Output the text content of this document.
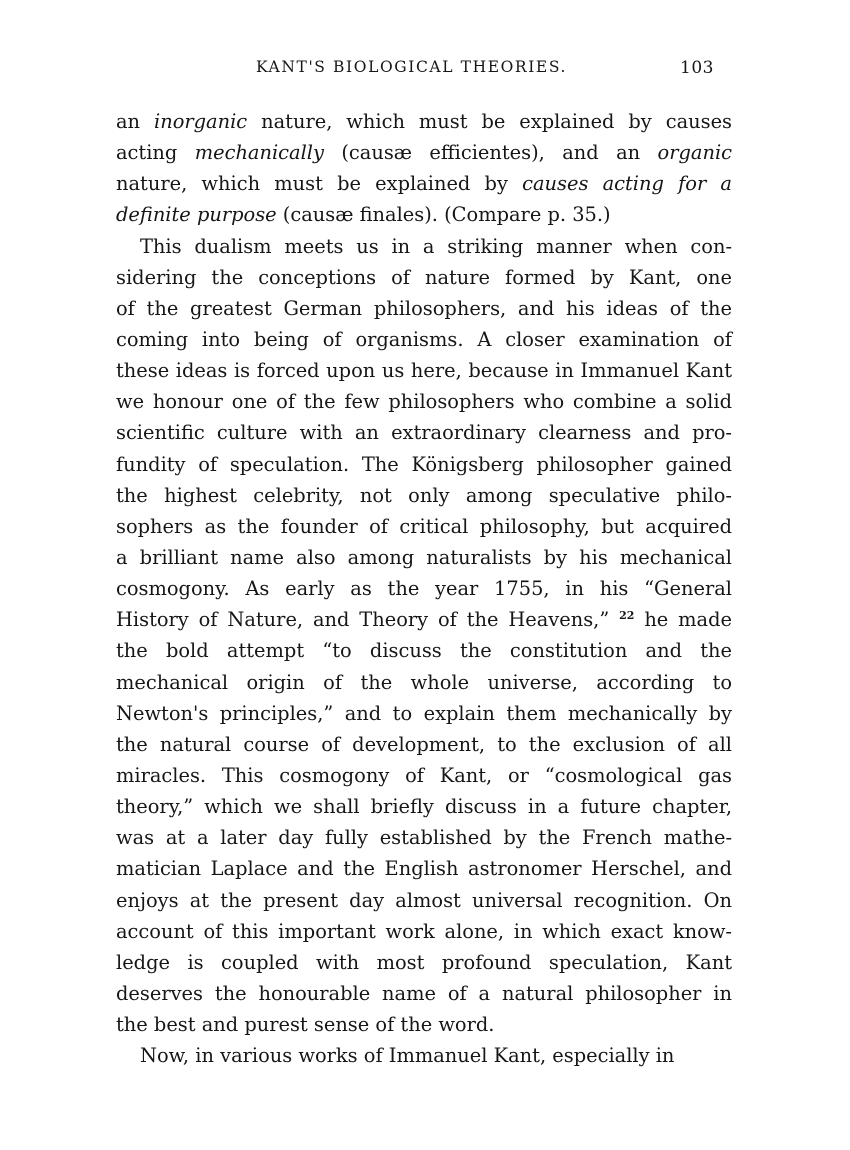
KANT'S BIOLOGICAL THEORIES.	103
an inorganic nature, which must be explained by causes
acting mechanically (causæ efficientes), and an organic
nature, which must be explained by causes acting for a
definite purpose (causæ finales). (Compare p. 35.)
This dualism meets us in a striking manner when con-
sidering the conceptions of nature formed by Kant, one
of the greatest German philosophers, and his ideas of the
coming into being of organisms. A closer examination of
these ideas is forced upon us here, because in Immanuel Kant
we honour one of the few philosophers who combine a solid
scientific culture with an extraordinary clearness and pro-
fundity of speculation. The Königsberg philosopher gained
the highest celebrity, not only among speculative philo-
sophers as the founder of critical philosophy, but acquired
a brilliant name also among naturalists by his mechanical
cosmogony. As early as the year 1755, in his “General
History of Nature, and Theory of the Heavens,” $^{22}$ he made
the bold attempt “to discuss the constitution and the
mechanical origin of the whole universe, according to
Newton's principles,” and to explain them mechanically by
the natural course of development, to the exclusion of all
miracles. This cosmogony of Kant, or “cosmological gas
theory,” which we shall briefly discuss in a future chapter,
was at a later day fully established by the French mathe-
matician Laplace and the English astronomer Herschel, and
enjoys at the present day almost universal recognition. On
account of this important work alone, in which exact know-
ledge is coupled with most profound speculation, Kant
deserves the honourable name of a natural philosopher in
the best and purest sense of the word.
Now, in various works of Immanuel Kant, especially in
